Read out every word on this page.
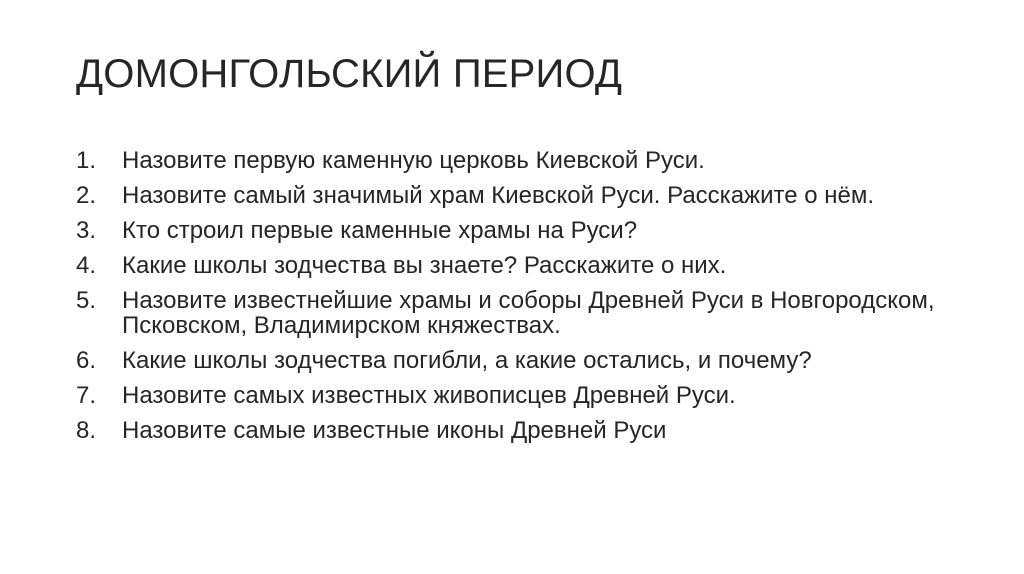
ДОМОНГОЛЬСКИЙ ПЕРИОД
1.	Назовите первую каменную церковь Киевской Руси.
2.	Назовите самый значимый храм Киевской Руси. Расскажите о нём.
3.	Кто строил первые каменные храмы на Руси?
4.	Какие школы зодчества вы знаете? Расскажите о них.
5.	Назовите известнейшие храмы и соборы Древней Руси в Новгородском, Псковском, Владимирском княжествах.
6.	Какие школы зодчества погибли, а какие остались, и почему?
7.	Назовите самых известных живописцев Древней Руси.
8.	Назовите самые известные иконы Древней Руси
